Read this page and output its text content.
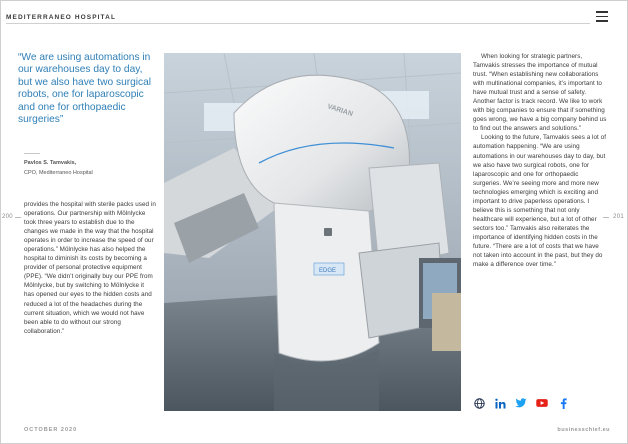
MEDITERRANEO HOSPITAL
200	201
“We are using automations in our warehouses day to day, but we also have two surgical robots, one for laparoscopic and one for orthopaedic surgeries”
Pavlos S. Tamvakis,
CPO, Mediterraneo Hospital

provides the hospital with sterile packs used in operations. Our partnership with Mölnlycke took three years to establish due to the changes we made in the way that the hospital operates in order to increase the speed of our operations.” Mölnlycke has also helped the hospital to diminish its costs by becoming a provider of personal protective equipment (PPE). “We didn’t originally buy our PPE from Mölnlycke, but by switching to Mölnlycke it has opened our eyes to the hidden costs and reduced a lot of the headaches during the current situation, which we would not have been able to do without our strong collaboration.”

When looking for strategic partners, Tamvakis stresses the importance of mutual trust. “When establishing new collaborations with multinational companies, it’s important to have mutual trust and a sense of safety. Another factor is track record. We like to work with big companies to ensure that if something goes wrong, we have a big company behind us to find out the answers and solutions.”

Looking to the future, Tamvakis sees a lot of automation happening. “We are using automations in our warehouses day to day, but we also have two surgical robots, one for laparoscopic and one for orthopaedic surgeries. We’re seeing more and more new technologies emerging which is exciting and important to drive paperless operations. I believe this is something that not only healthcare will experience, but a lot of other sectors too.” Tamvakis also reiterates the importance of identifying hidden costs in the future. “There are a lot of costs that we have not taken into account in the past, but they do make a difference over time.”

VARIAN
EDGE
OCTOBER 2020	businesschief.eu
